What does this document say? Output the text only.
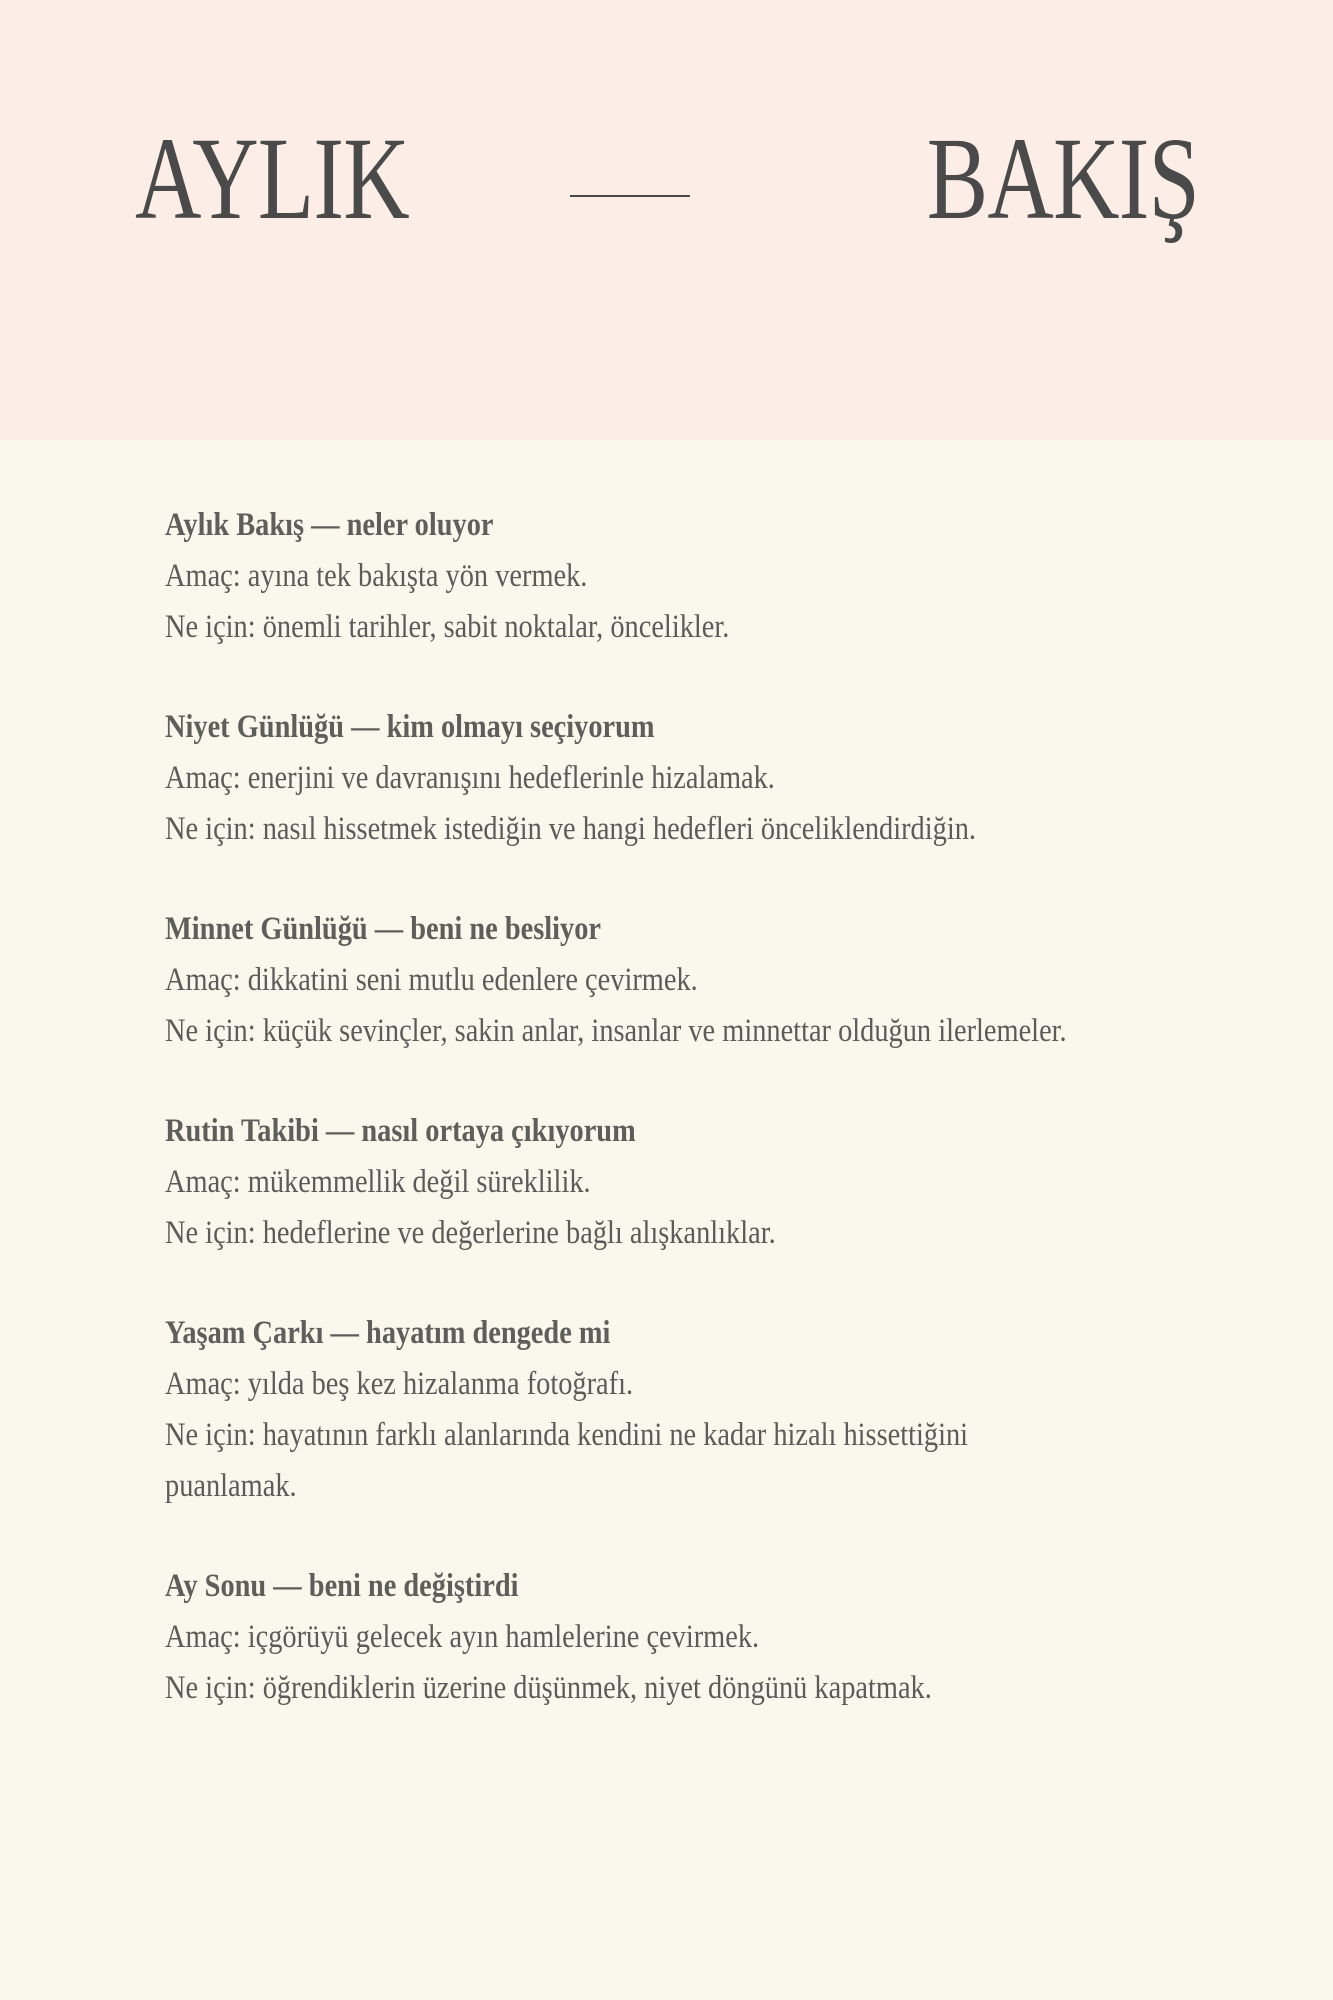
AYLIK	BAKIŞ
Aylık Bakış — neler oluyor
Amaç: ayına tek bakışta yön vermek.
Ne için: önemli tarihler, sabit noktalar, öncelikler.
Niyet Günlüğü — kim olmayı seçiyorum
Amaç: enerjini ve davranışını hedeflerinle hizalamak.
Ne için: nasıl hissetmek istediğin ve hangi hedefleri önceliklendirdiğin.
Minnet Günlüğü — beni ne besliyor
Amaç: dikkatini seni mutlu edenlere çevirmek.
Ne için: küçük sevinçler, sakin anlar, insanlar ve minnettar olduğun ilerlemeler.
Rutin Takibi — nasıl ortaya çıkıyorum
Amaç: mükemmellik değil süreklilik.
Ne için: hedeflerine ve değerlerine bağlı alışkanlıklar.
Yaşam Çarkı — hayatım dengede mi
Amaç: yılda beş kez hizalanma fotoğrafı.
Ne için: hayatının farklı alanlarında kendini ne kadar hizalı hissettiğini
puanlamak.
Ay Sonu — beni ne değiştirdi
Amaç: içgörüyü gelecek ayın hamlelerine çevirmek.
Ne için: öğrendiklerin üzerine düşünmek, niyet döngünü kapatmak.
